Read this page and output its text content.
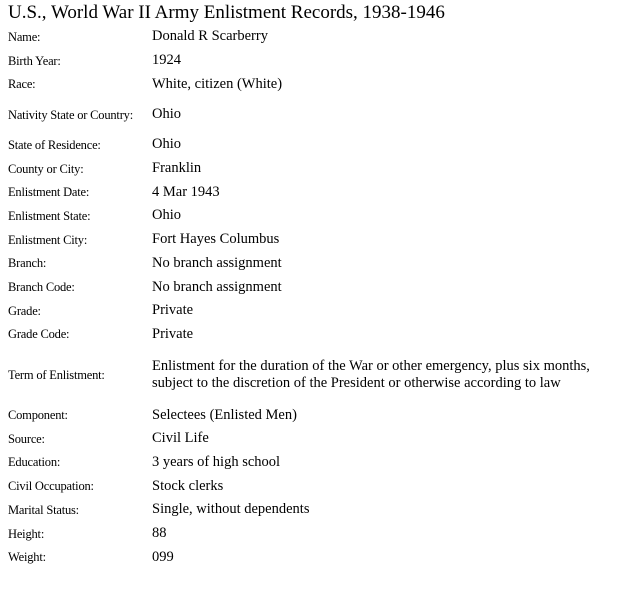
U.S., World War II Army Enlistment Records, 1938-1946
Name:	Donald R Scarberry
Birth Year:	1924
Race:	White, citizen (White)
Nativity State or Country:	Ohio
State of Residence:	Ohio
County or City:	Franklin
Enlistment Date:	4 Mar 1943
Enlistment State:	Ohio
Enlistment City:	Fort Hayes Columbus
Branch:	No branch assignment
Branch Code:	No branch assignment
Grade:	Private
Grade Code:	Private
Term of Enlistment:	Enlistment for the duration of the War or other emergency, plus six months, subject to the discretion of the President or otherwise according to law
Component:	Selectees (Enlisted Men)
Source:	Civil Life
Education:	3 years of high school
Civil Occupation:	Stock clerks
Marital Status:	Single, without dependents
Height:	88
Weight:	099
